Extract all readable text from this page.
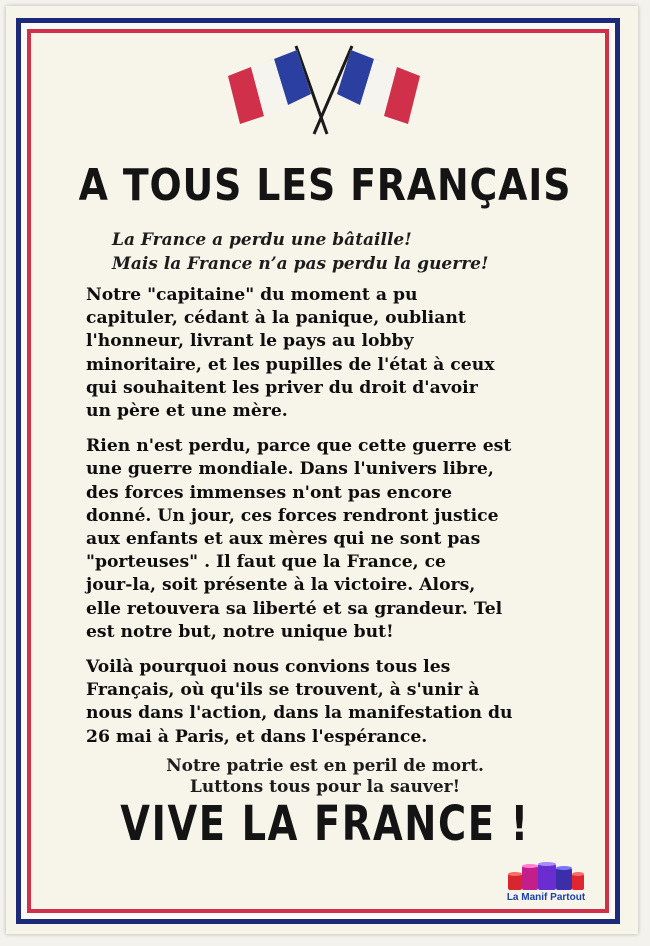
A TOUS LES FRANÇAIS
La France a perdu une bâtaille!
Mais la France n’a pas perdu la guerre!

Notre "capitaine" du moment a pu
capituler, cédant à la panique, oubliant
l'honneur, livrant le pays au lobby
minoritaire, et les pupilles de l'état à ceux
qui souhaitent les priver du droit d'avoir
un père et une mère.

Rien n'est perdu, parce que cette guerre est
une guerre mondiale. Dans l'univers libre,
des forces immenses n'ont pas encore
donné. Un jour, ces forces rendront justice
aux enfants et aux mères qui ne sont pas
"porteuses" . Il faut que la France, ce
jour-la, soit présente à la victoire. Alors,
elle retouvera sa liberté et sa grandeur. Tel
est notre but, notre unique but!

Voilà pourquoi nous convions tous les
Français, où qu'ils se trouvent, à s'unir à
nous dans l'action, dans la manifestation du
26 mai à Paris, et dans l'espérance.

Notre patrie est en peril de mort.
Luttons tous pour la sauver!
VIVE LA FRANCE !
La Manif Partout
